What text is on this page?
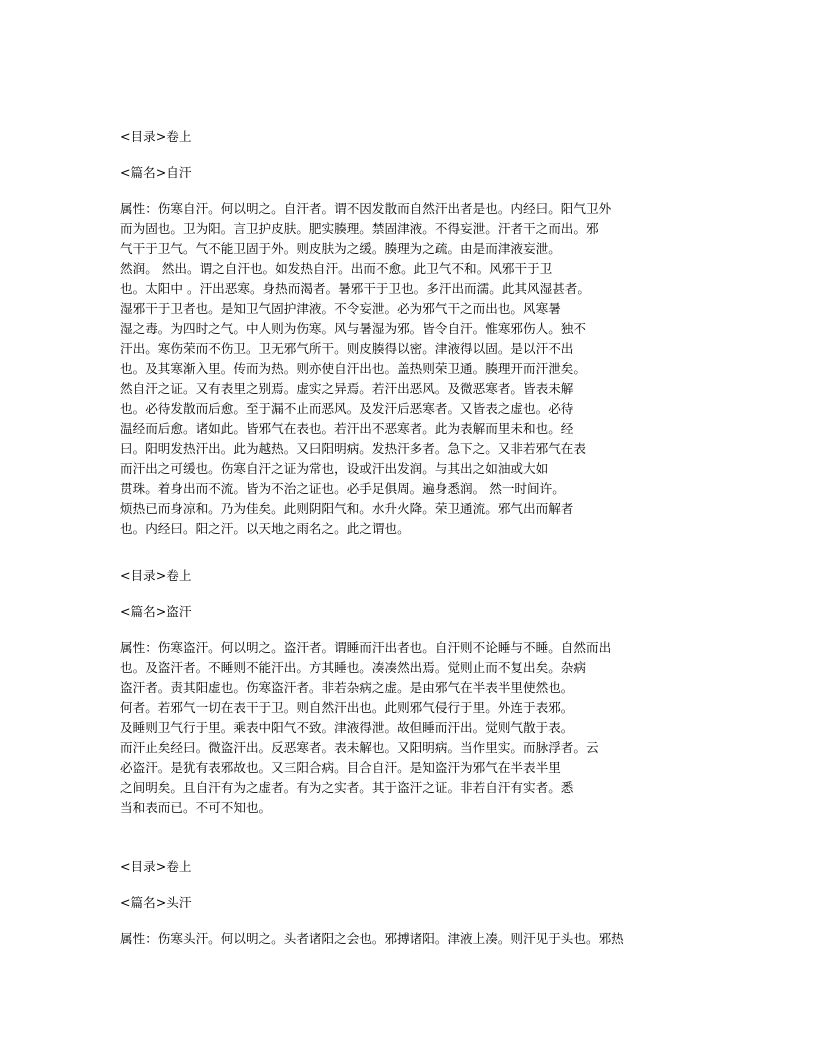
<目录>卷上
<篇名>自汗
属性：伤寒自汗。何以明之。自汗者。谓不因发散而自然汗出者是也。内经曰。阳气卫外
而为固也。卫为阳。言卫护皮肤。肥实腠理。禁固津液。不得妄泄。汗者干之而出。邪
气干于卫气。气不能卫固于外。则皮肤为之缓。腠理为之疏。由是而津液妄泄。
然润。 然出。谓之自汗也。如发热自汗。出而不愈。此卫气不和。风邪干于卫
也。太阳中 。汗出恶寒。身热而渴者。暑邪干于卫也。多汗出而濡。此其风湿甚者。
湿邪干于卫者也。是知卫气固护津液。不令妄泄。必为邪气干之而出也。风寒暑
湿之毒。为四时之气。中人则为伤寒。风与暑湿为邪。皆令自汗。惟寒邪伤人。独不
汗出。寒伤荣而不伤卫。卫无邪气所干。则皮腠得以密。津液得以固。是以汗不出
也。及其寒渐入里。传而为热。则亦使自汗出也。盖热则荣卫通。腠理开而汗泄矣。
然自汗之证。又有表里之别焉。虚实之异焉。若汗出恶风。及微恶寒者。皆表未解
也。必待发散而后愈。至于漏不止而恶风。及发汗后恶寒者。又皆表之虚也。必待
温经而后愈。诸如此。皆邪气在表也。若汗出不恶寒者。此为表解而里未和也。经
曰。阳明发热汗出。此为越热。又曰阳明病。发热汗多者。急下之。又非若邪气在表
而汗出之可缓也。伤寒自汗之证为常也，设或汗出发润。与其出之如油或大如
贯珠。着身出而不流。皆为不治之证也。必手足俱周。遍身悉润。 然一时间许。
烦热已而身凉和。乃为佳矣。此则阴阳气和。水升火降。荣卫通流。邪气出而解者
也。内经曰。阳之汗。以天地之雨名之。此之谓也。
<目录>卷上
<篇名>盗汗
属性：伤寒盗汗。何以明之。盗汗者。谓睡而汗出者也。自汗则不论睡与不睡。自然而出
也。及盗汗者。不睡则不能汗出。方其睡也。凑凑然出焉。觉则止而不复出矣。杂病
盗汗者。责其阳虚也。伤寒盗汗者。非若杂病之虚。是由邪气在半表半里使然也。
何者。若邪气一切在表干于卫。则自然汗出也。此则邪气侵行于里。外连于表邪。
及睡则卫气行于里。乘表中阳气不致。津液得泄。故但睡而汗出。觉则气散于表。
而汗止矣经曰。微盗汗出。反恶寒者。表未解也。又阳明病。当作里实。而脉浮者。云
必盗汗。是犹有表邪故也。又三阳合病。目合自汗。是知盗汗为邪气在半表半里
之间明矣。且自汗有为之虚者。有为之实者。其于盗汗之证。非若自汗有实者。悉
当和表而已。不可不知也。
<目录>卷上
<篇名>头汗
属性：伤寒头汗。何以明之。头者诸阳之会也。邪搏诸阳。津液上凑。则汗见于头也。邪热
